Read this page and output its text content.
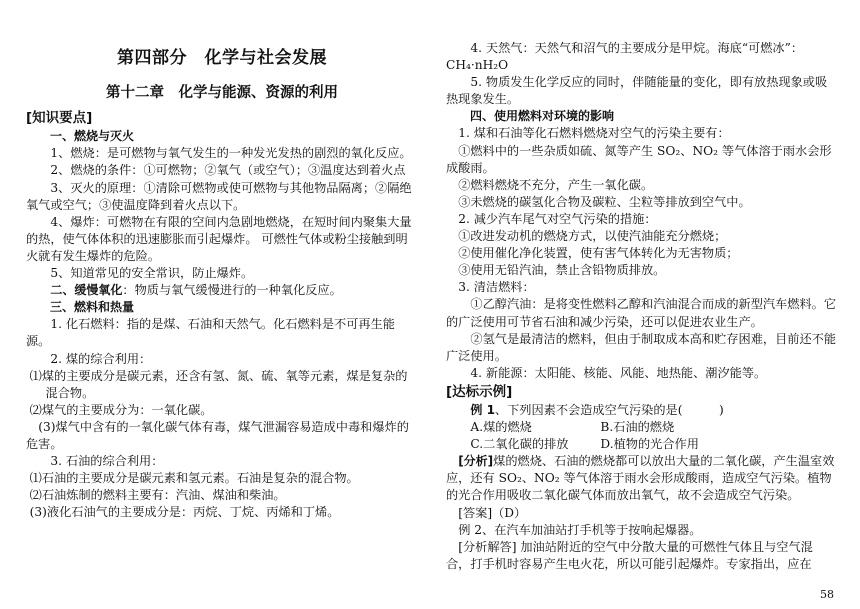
第四部分　化学与社会发展
第十二章　化学与能源、资源的利用
[知识要点]

一、燃烧与灭火

1、燃烧：是可燃物与氧气发生的一种发光发热的剧烈的氧化反应。

2、燃烧的条件：①可燃物；②氧气（或空气）；③温度达到着火点

3、灭火的原理：①清除可燃物或使可燃物与其他物品隔离；②隔绝氧气或空气；③使温度降到着火点以下。

4、爆炸：可燃物在有限的空间内急剧地燃烧，在短时间内聚集大量的热，使气体体积的迅速膨胀而引起爆炸。 可燃性气体或粉尘接触到明火就有发生爆炸的危险。

5、知道常见的安全常识，防止爆炸。

二、缓慢氧化：物质与氧气缓慢进行的一种氧化反应。

三、燃料和热量

1. 化石燃料：指的是煤、石油和天然气。化石燃料是不可再生能源。

2. 煤的综合利用：

⑴煤的主要成分是碳元素，还含有氢、氮、硫、氧等元素，煤是复杂的混合物。

⑵煤气的主要成分为：一氧化碳。

(3)煤气中含有的一氧化碳气体有毒，煤气泄漏容易造成中毒和爆炸的危害。

3. 石油的综合利用：

⑴石油的主要成分是碳元素和氢元素。石油是复杂的混合物。

⑵石油炼制的燃料主要有：汽油、煤油和柴油。

(3)液化石油气的主要成分是：丙烷、丁烷、丙烯和丁烯。

4. 天然气：天然气和沼气的主要成分是甲烷。海底“可燃冰”：

CH₄·nH₂O

5. 物质发生化学反应的同时，伴随能量的变化，即有放热现象或吸热现象发生。

四、使用燃料对环境的影响

1. 煤和石油等化石燃料燃烧对空气的污染主要有：

①燃料中的一些杂质如硫、氮等产生 SO₂、NO₂ 等气体溶于雨水会形成酸雨。

②燃料燃烧不充分，产生一氧化碳。

③未燃烧的碳氢化合物及碳粒、尘粒等排放到空气中。

2. 减少汽车尾气对空气污染的措施：

①改进发动机的燃烧方式，以使汽油能充分燃烧；

②使用催化净化装置，使有害气体转化为无害物质；

③使用无铅汽油，禁止含铅物质排放。

3. 清洁燃料：

①乙醇汽油：是将变性燃料乙醇和汽油混合而成的新型汽车燃料。它的广泛使用可节省石油和减少污染，还可以促进农业生产。

②氢气是最清洁的燃料，但由于制取成本高和贮存困难，目前还不能广泛使用。

4. 新能源：太阳能、核能、风能、地热能、潮汐能等。

[达标示例]

例 1、下列因素不会造成空气污染的是(　　　)

A.煤的燃烧	B.石油的燃烧
C.二氧化碳的排放	D.植物的光合作用

[分析]煤的燃烧、石油的燃烧都可以放出大量的二氧化碳，产生温室效应，还有 SO₂、NO₂ 等气体溶于雨水会形成酸雨，造成空气污染。植物的光合作用吸收二氧化碳气体而放出氧气，故不会造成空气污染。

[答案]（D）

例 2、在汽车加油站打手机等于按响起爆器。

[分析解答] 加油站附近的空气中分散大量的可燃性气体且与空气混合，打手机时容易产生电火花，所以可能引起爆炸。专家指出，应在

58
